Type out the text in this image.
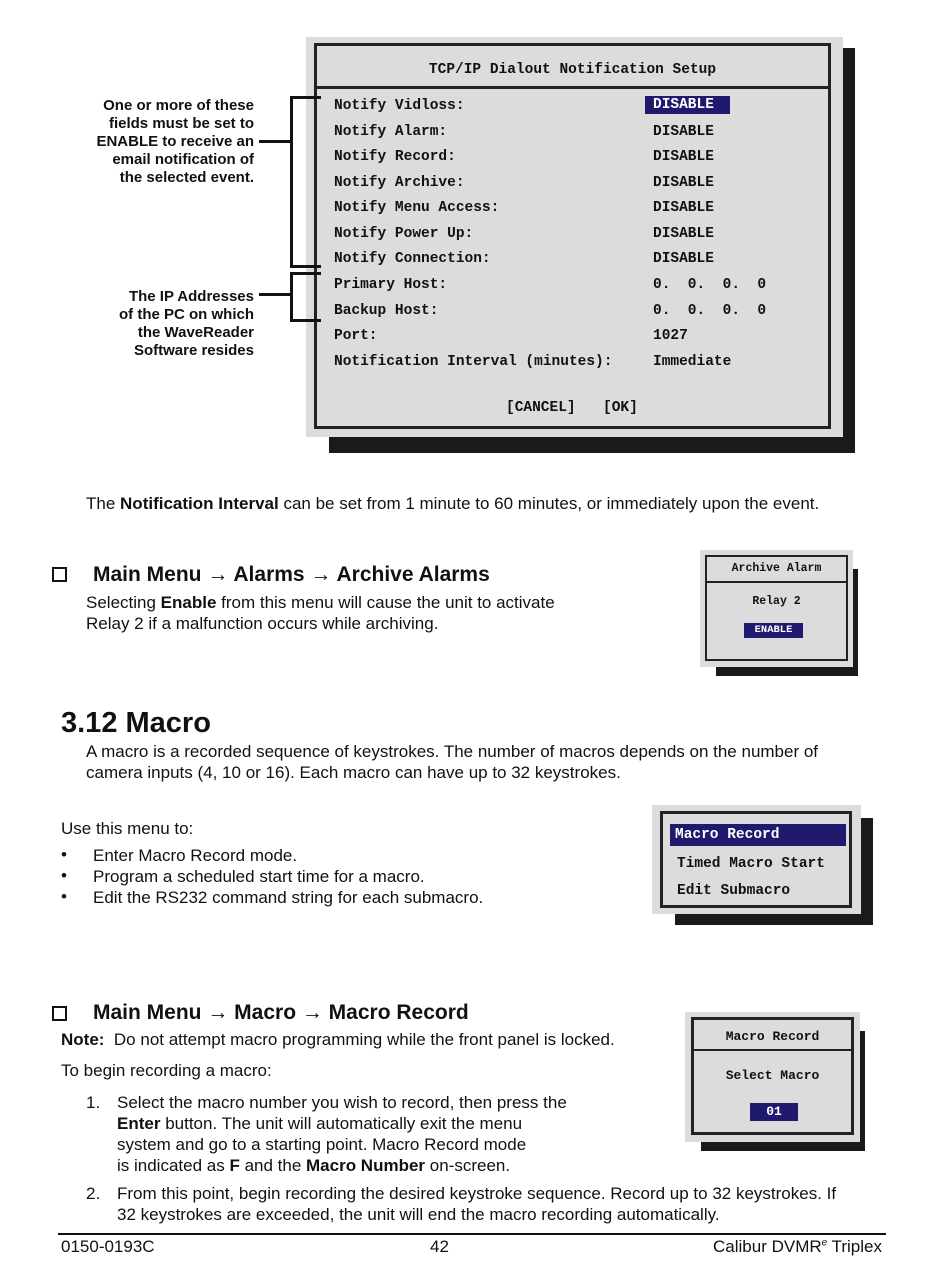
TCP/IP Dialout Notification Setup
Notify Vidloss:	DISABLE
Notify Alarm:	DISABLE
Notify Record:	DISABLE
Notify Archive:	DISABLE
Notify Menu Access:	DISABLE
Notify Power Up:	DISABLE
Notify Connection:	DISABLE
Primary Host:	0.  0.  0.  0
Backup Host:	0.  0.  0.  0
Port:	1027
Notification Interval (minutes):	Immediate
[CANCEL] [OK]
One or more of these
fields must be set to
ENABLE to receive an
email notification of
the selected event.
The IP Addresses
of the PC on which
the WaveReader
Software resides
The Notification Interval can be set from 1 minute to 60 minutes, or immediately upon the event.
Main Menu → Alarms → Archive Alarms
Selecting Enable from this menu will cause the unit to activate
Relay 2 if a malfunction occurs while archiving.
Archive Alarm
Relay 2
ENABLE
3.12 Macro
A macro is a recorded sequence of keystrokes. The number of macros depends on the number of
camera inputs (4, 10 or 16). Each macro can have up to 32 keystrokes.
Use this menu to:
• Enter Macro Record mode.
• Program a scheduled start time for a macro.
• Edit the RS232 command string for each submacro.
Macro Record
Timed Macro Start
Edit Submacro
Main Menu → Macro → Macro Record
Note: Do not attempt macro programming while the front panel is locked.
To begin recording a macro:
1. Select the macro number you wish to record, then press the
Enter button. The unit will automatically exit the menu
system and go to a starting point. Macro Record mode
is indicated as F and the Macro Number on-screen.
2. From this point, begin recording the desired keystroke sequence. Record up to 32 keystrokes. If
32 keystrokes are exceeded, the unit will end the macro recording automatically.
Macro Record
Select Macro
01
0150-0193C	42	Calibur DVMR$^e$ Triplex
